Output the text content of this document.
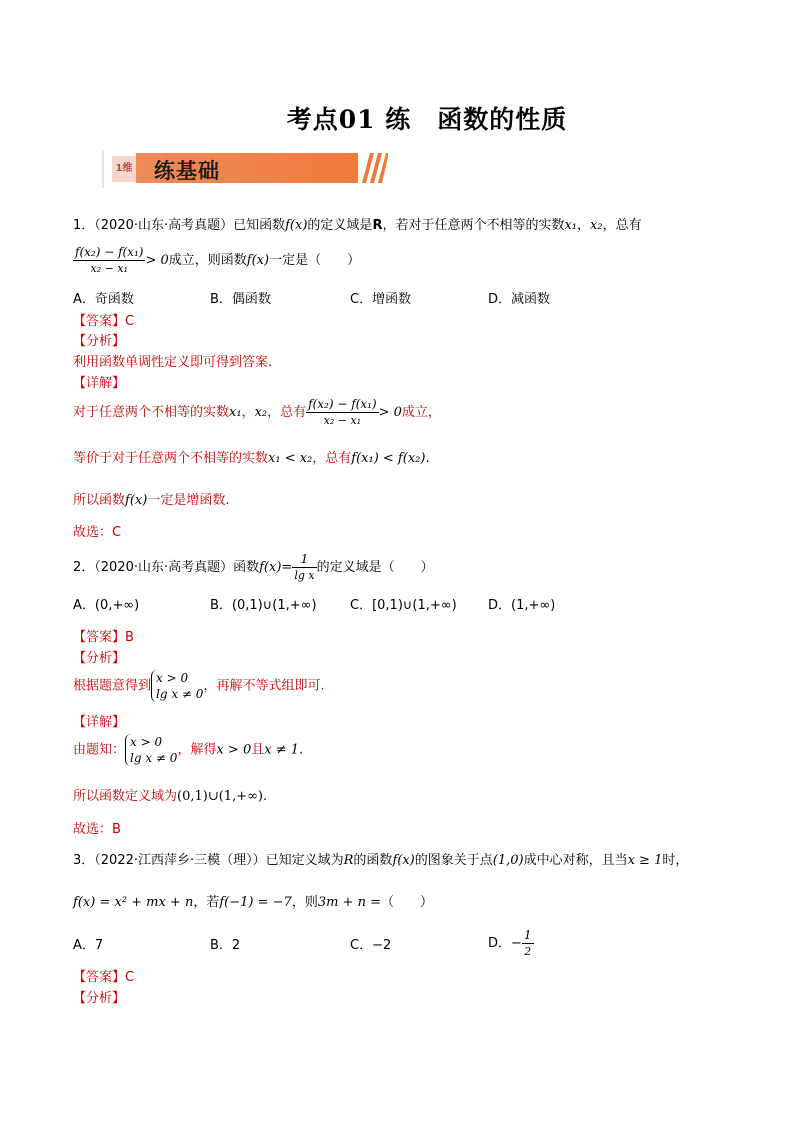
考点01 练　函数的性质
1维 练基础
1．（2020·山东·高考真题）已知函数f(x)的定义域是R，若对于任意两个不相等的实数x₁，x₂，总有
$\frac{\text{f(x₂) − f(x₁)}}{\text{x₂ − x₁}} > 0$成立，则函数f(x)一定是（　　）
A．奇函数	B．偶函数	C．增函数	D．减函数
【答案】C
【分析】
利用函数单调性定义即可得到答案.
【详解】
对于任意两个不相等的实数x₁，x₂，总有 $\frac{\text{f(x₂) − f(x₁)}}{\text{x₂ − x₁}} > 0$成立，
等价于对于任意两个不相等的实数x₁ < x₂，总有f(x₁) < f(x₂).
所以函数f(x)一定是增函数.
故选：C
2．（2020·山东·高考真题）函数$f(x)= \frac{1}{\text{lg x}}$ 的定义域是（　　）
A．(0,+∞)	B．(0,1)∪(1,+∞)	C．[0,1)∪(1,+∞) D．(1,+∞)
【答案】B
【分析】
根据题意得到
x > 0
lg x ≠ 0
，再解不等式组即可.
【详解】
由题知：
x > 0
lg x ≠ 0
，解得x > 0且x ≠ 1.
所以函数定义域为(0,1)∪(1,+∞).
故选：B
3．（2022·江西萍乡·三模（理））已知定义域为R的函数f(x)的图象关于点(1,0)成中心对称，且当x ≥ 1时，
f(x) = x² + mx + n，若f(−1) = −7，则3m + n =（　　）
A．7	B．2	C．−2	D．− $\frac{1}{2}$
【答案】C
【分析】
